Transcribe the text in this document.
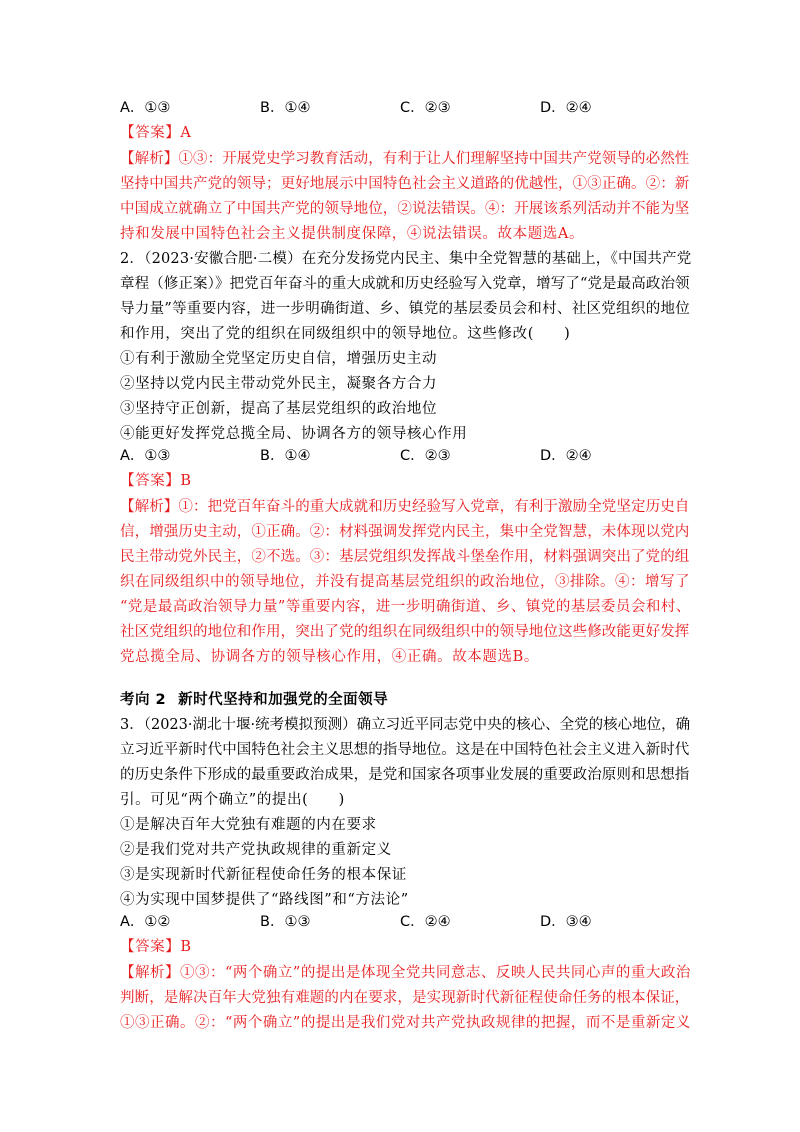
A．①③	B．①④	C．②③	D．②④
【答案】A
【解析】①③：开展党史学习教育活动，有利于让人们理解坚持中国共产党领导的必然性
坚持中国共产党的领导；更好地展示中国特色社会主义道路的优越性，①③正确。②：新
中国成立就确立了中国共产党的领导地位，②说法错误。④：开展该系列活动并不能为坚
持和发展中国特色社会主义提供制度保障，④说法错误。故本题选A。
2．（2023·安徽合肥·二模）在充分发扬党内民主、集中全党智慧的基础上，《中国共产党
章程（修正案）》把党百年奋斗的重大成就和历史经验写入党章，增写了“党是最高政治领
导力量”等重要内容，进一步明确街道、乡、镇党的基层委员会和村、社区党组织的地位
和作用，突出了党的组织在同级组织中的领导地位。这些修改(　　)
①有利于激励全党坚定历史自信，增强历史主动
②坚持以党内民主带动党外民主，凝聚各方合力
③坚持守正创新，提高了基层党组织的政治地位
④能更好发挥党总揽全局、协调各方的领导核心作用
A．①③	B．①④	C．②③	D．②④
【答案】B
【解析】①：把党百年奋斗的重大成就和历史经验写入党章，有利于激励全党坚定历史自
信，增强历史主动，①正确。②：材料强调发挥党内民主，集中全党智慧，未体现以党内
民主带动党外民主，②不选。③：基层党组织发挥战斗堡垒作用，材料强调突出了党的组
织在同级组织中的领导地位，并没有提高基层党组织的政治地位，③排除。④：增写了
“党是最高政治领导力量”等重要内容，进一步明确街道、乡、镇党的基层委员会和村、
社区党组织的地位和作用，突出了党的组织在同级组织中的领导地位这些修改能更好发挥
党总揽全局、协调各方的领导核心作用，④正确。故本题选B。
考向 2 新时代坚持和加强党的全面领导
3．（2023·湖北十堰·统考模拟预测）确立习近平同志党中央的核心、全党的核心地位，确
立习近平新时代中国特色社会主义思想的指导地位。这是在中国特色社会主义进入新时代
的历史条件下形成的最重要政治成果，是党和国家各项事业发展的重要政治原则和思想指
引。可见“两个确立”的提出(　　)
①是解决百年大党独有难题的内在要求
②是我们党对共产党执政规律的重新定义
③是实现新时代新征程使命任务的根本保证
④为实现中国梦提供了“路线图”和“方法论”
A．①②	B．①③	C．②④	D．③④
【答案】B
【解析】①③：“两个确立”的提出是体现全党共同意志、反映人民共同心声的重大政治
判断，是解决百年大党独有难题的内在要求，是实现新时代新征程使命任务的根本保证，
①③正确。②：“两个确立”的提出是我们党对共产党执政规律的把握，而不是重新定义
